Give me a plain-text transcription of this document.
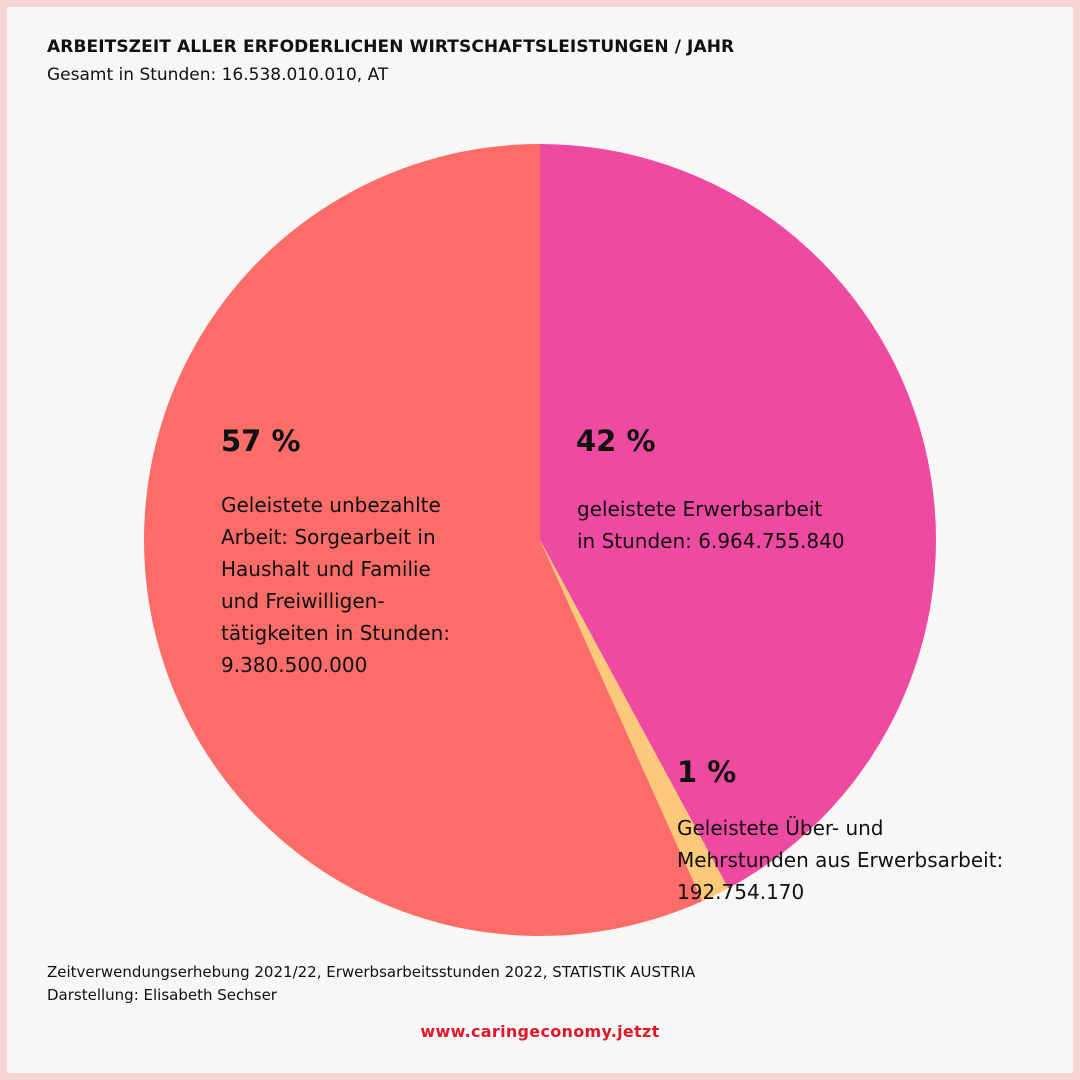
ARBEITSZEIT ALLER ERFODERLICHEN WIRTSCHAFTSLEISTUNGEN / JAHR
Gesamt in Stunden: 16.538.010.010, AT
42 %
geleistete Erwerbsarbeit
in Stunden: 6.964.755.840
1 %
Geleistete Über- und
Mehrstunden aus Erwerbsarbeit:
192.754.170
57 %
Geleistete unbezahlte
Arbeit: Sorgearbeit in
Haushalt und Familie
und Freiwilligen-
tätigkeiten in Stunden:
9.380.500.000
Zeitverwendungserhebung 2021/22, Erwerbsarbeitsstunden 2022, STATISTIK AUSTRIA
Darstellung: Elisabeth Sechser
www.caringeconomy.jetzt
